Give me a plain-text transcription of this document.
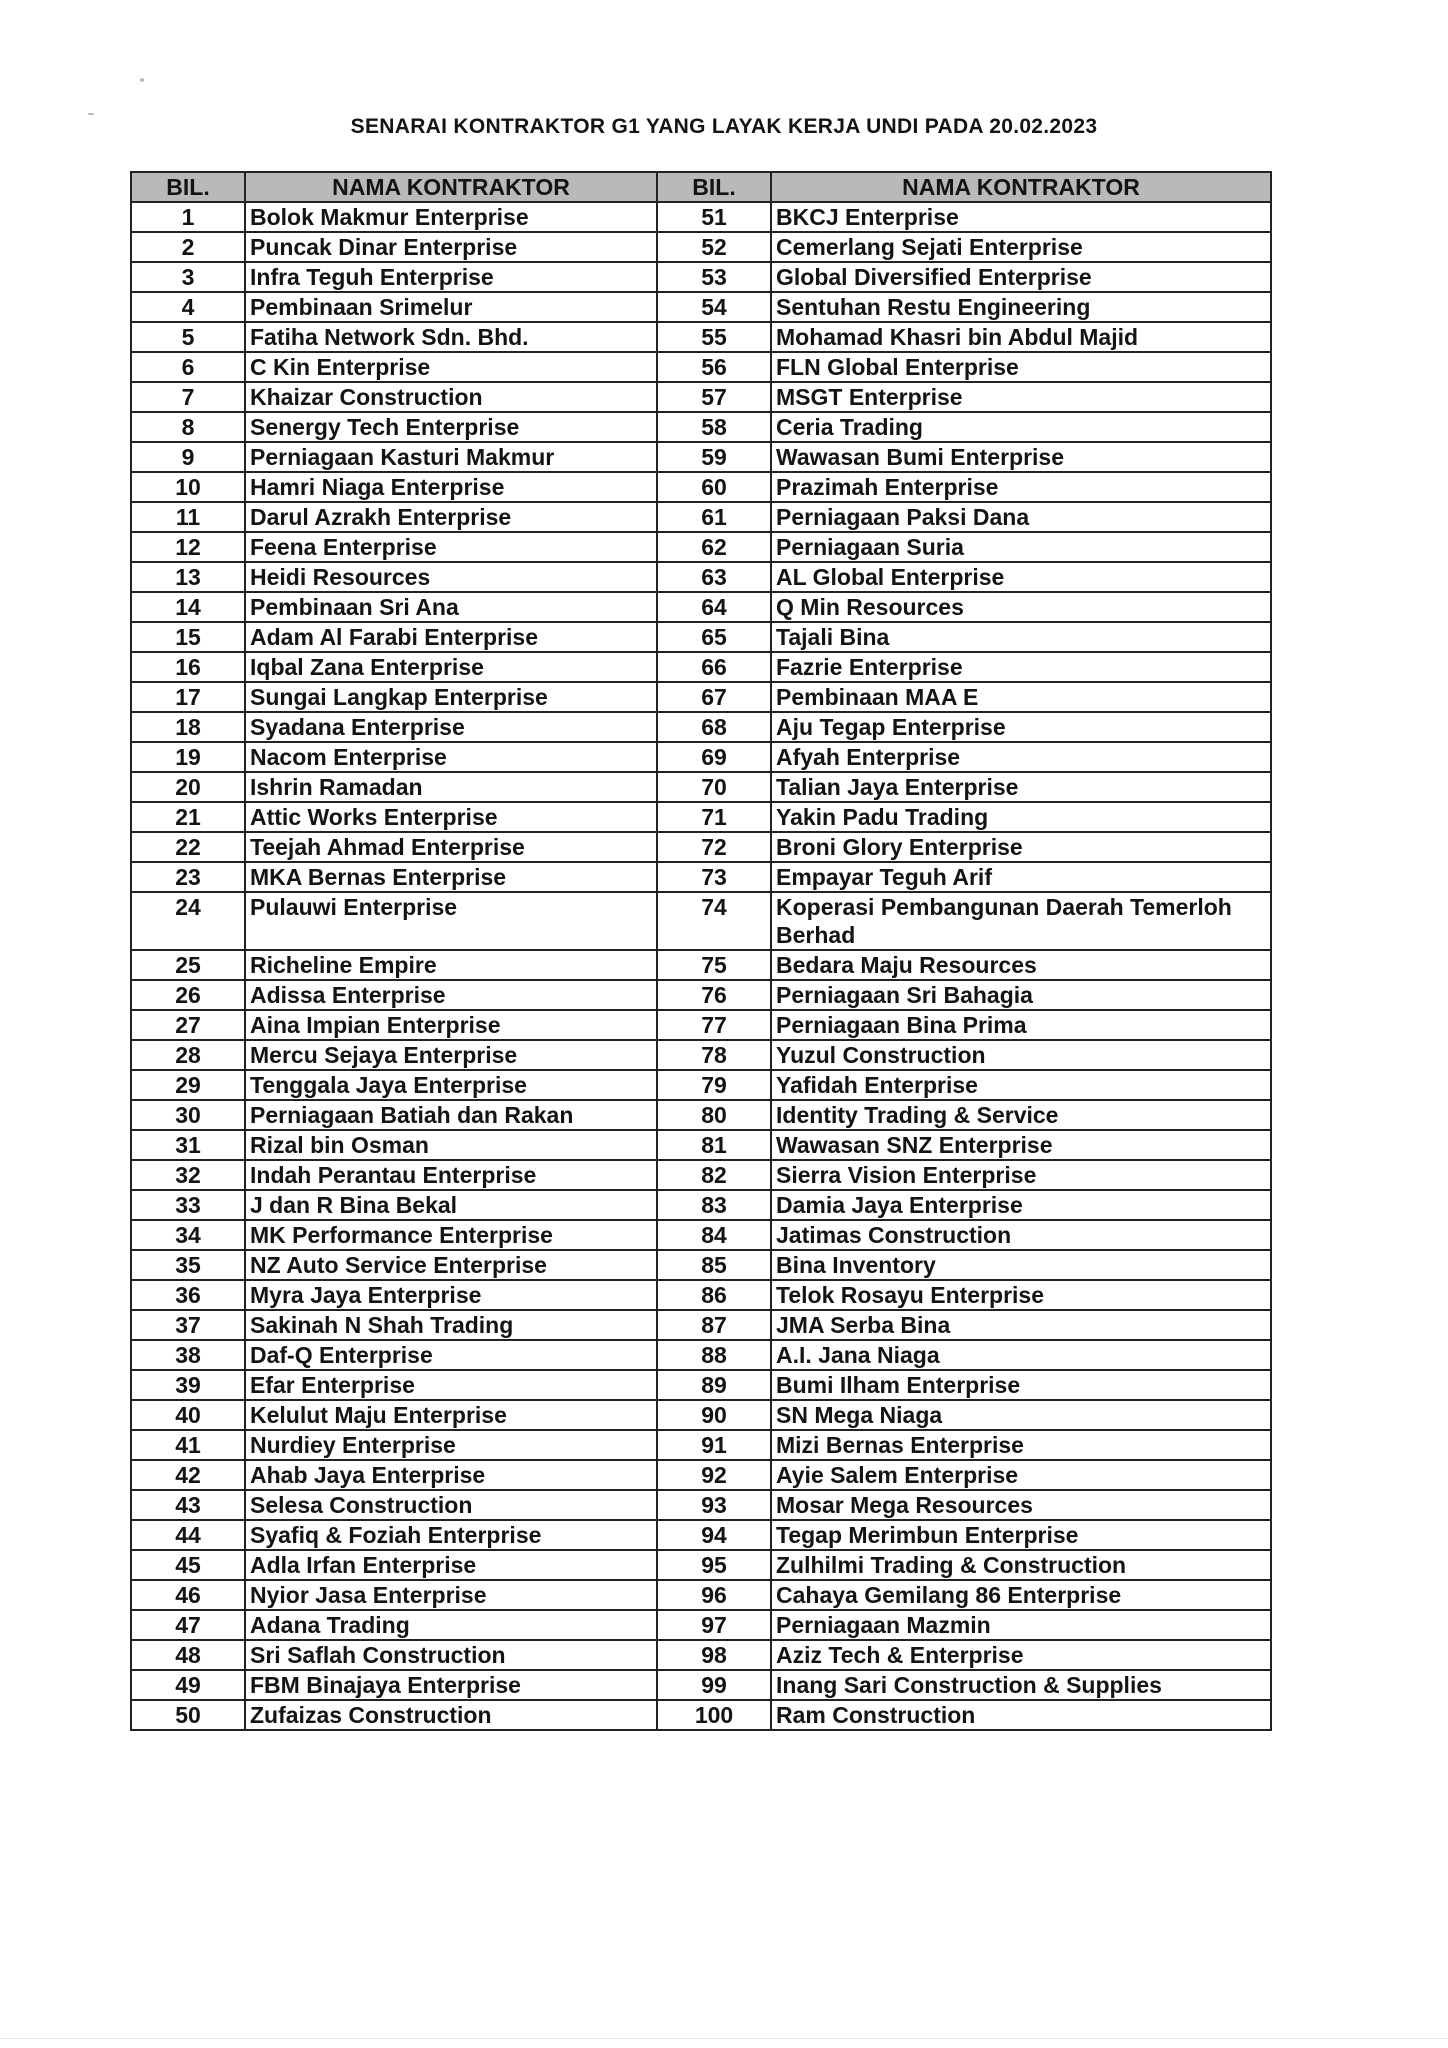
SENARAI KONTRAKTOR G1 YANG LAYAK KERJA UNDI PADA 20.02.2023
BIL.	NAMA KONTRAKTOR	BIL.	NAMA KONTRAKTOR
1	Bolok Makmur Enterprise	51	BKCJ Enterprise
2	Puncak Dinar Enterprise	52	Cemerlang Sejati Enterprise
3	Infra Teguh Enterprise	53	Global Diversified Enterprise
4	Pembinaan Srimelur	54	Sentuhan Restu Engineering
5	Fatiha Network Sdn. Bhd.	55	Mohamad Khasri bin Abdul Majid
6	C Kin Enterprise	56	FLN Global Enterprise
7	Khaizar Construction	57	MSGT Enterprise
8	Senergy Tech Enterprise	58	Ceria Trading
9	Perniagaan Kasturi Makmur	59	Wawasan Bumi Enterprise
10	Hamri Niaga Enterprise	60	Prazimah Enterprise
11	Darul Azrakh Enterprise	61	Perniagaan Paksi Dana
12	Feena Enterprise	62	Perniagaan Suria
13	Heidi Resources	63	AL Global Enterprise
14	Pembinaan Sri Ana	64	Q Min Resources
15	Adam Al Farabi Enterprise	65	Tajali Bina
16	Iqbal Zana Enterprise	66	Fazrie Enterprise
17	Sungai Langkap Enterprise	67	Pembinaan MAA E
18	Syadana Enterprise	68	Aju Tegap Enterprise
19	Nacom Enterprise	69	Afyah Enterprise
20	Ishrin Ramadan	70	Talian Jaya Enterprise
21	Attic Works Enterprise	71	Yakin Padu Trading
22	Teejah Ahmad Enterprise	72	Broni Glory Enterprise
23	MKA Bernas Enterprise	73	Empayar Teguh Arif
24	Pulauwi Enterprise	74	Koperasi Pembangunan Daerah Temerloh Berhad
25	Richeline Empire	75	Bedara Maju Resources
26	Adissa Enterprise	76	Perniagaan Sri Bahagia
27	Aina Impian Enterprise	77	Perniagaan Bina Prima
28	Mercu Sejaya Enterprise	78	Yuzul Construction
29	Tenggala Jaya Enterprise	79	Yafidah Enterprise
30	Perniagaan Batiah dan Rakan	80	Identity Trading & Service
31	Rizal bin Osman	81	Wawasan SNZ Enterprise
32	Indah Perantau Enterprise	82	Sierra Vision Enterprise
33	J dan R Bina Bekal	83	Damia Jaya Enterprise
34	MK Performance Enterprise	84	Jatimas Construction
35	NZ Auto Service Enterprise	85	Bina Inventory
36	Myra Jaya Enterprise	86	Telok Rosayu Enterprise
37	Sakinah N Shah Trading	87	JMA Serba Bina
38	Daf-Q Enterprise	88	A.I. Jana Niaga
39	Efar Enterprise	89	Bumi Ilham Enterprise
40	Kelulut Maju Enterprise	90	SN Mega Niaga
41	Nurdiey Enterprise	91	Mizi Bernas Enterprise
42	Ahab Jaya Enterprise	92	Ayie Salem Enterprise
43	Selesa Construction	93	Mosar Mega Resources
44	Syafiq & Foziah Enterprise	94	Tegap Merimbun Enterprise
45	Adla Irfan Enterprise	95	Zulhilmi Trading & Construction
46	Nyior Jasa Enterprise	96	Cahaya Gemilang 86 Enterprise
47	Adana Trading	97	Perniagaan Mazmin
48	Sri Saflah Construction	98	Aziz Tech & Enterprise
49	FBM Binajaya Enterprise	99	Inang Sari Construction & Supplies
50	Zufaizas Construction	100	Ram Construction
